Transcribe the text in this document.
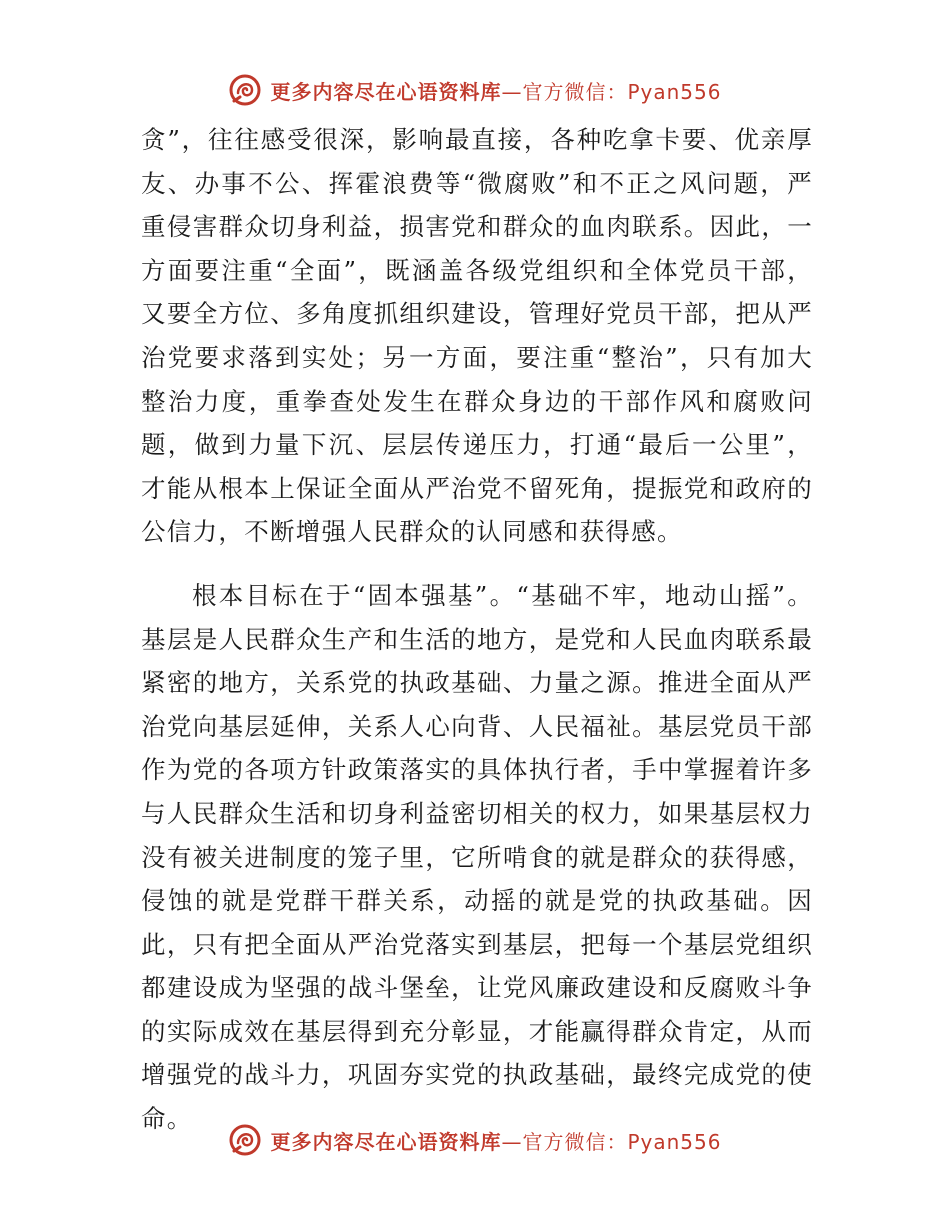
更多内容尽在心语资料库—官方微信：Pyan556

贪”，往往感受很深，影响最直接，各种吃拿卡要、优亲厚友、办事不公、挥霍浪费等“微腐败”和不正之风问题，严重侵害群众切身利益，损害党和群众的血肉联系。因此，一方面要注重“全面”，既涵盖各级党组织和全体党员干部，又要全方位、多角度抓组织建设，管理好党员干部，把从严治党要求落到实处；另一方面，要注重“整治”，只有加大整治力度，重拳查处发生在群众身边的干部作风和腐败问题，做到力量下沉、层层传递压力，打通“最后一公里”，才能从根本上保证全面从严治党不留死角，提振党和政府的公信力，不断增强人民群众的认同感和获得感。

根本目标在于“固本强基”。“基础不牢，地动山摇”。基层是人民群众生产和生活的地方，是党和人民血肉联系最紧密的地方，关系党的执政基础、力量之源。推进全面从严治党向基层延伸，关系人心向背、人民福祉。基层党员干部作为党的各项方针政策落实的具体执行者，手中掌握着许多与人民群众生活和切身利益密切相关的权力，如果基层权力没有被关进制度的笼子里，它所啃食的就是群众的获得感，侵蚀的就是党群干群关系，动摇的就是党的执政基础。因此，只有把全面从严治党落实到基层，把每一个基层党组织都建设成为坚强的战斗堡垒，让党风廉政建设和反腐败斗争的实际成效在基层得到充分彰显，才能赢得群众肯定，从而增强党的战斗力，巩固夯实党的执政基础，最终完成党的使命。

更多内容尽在心语资料库—官方微信：Pyan556
